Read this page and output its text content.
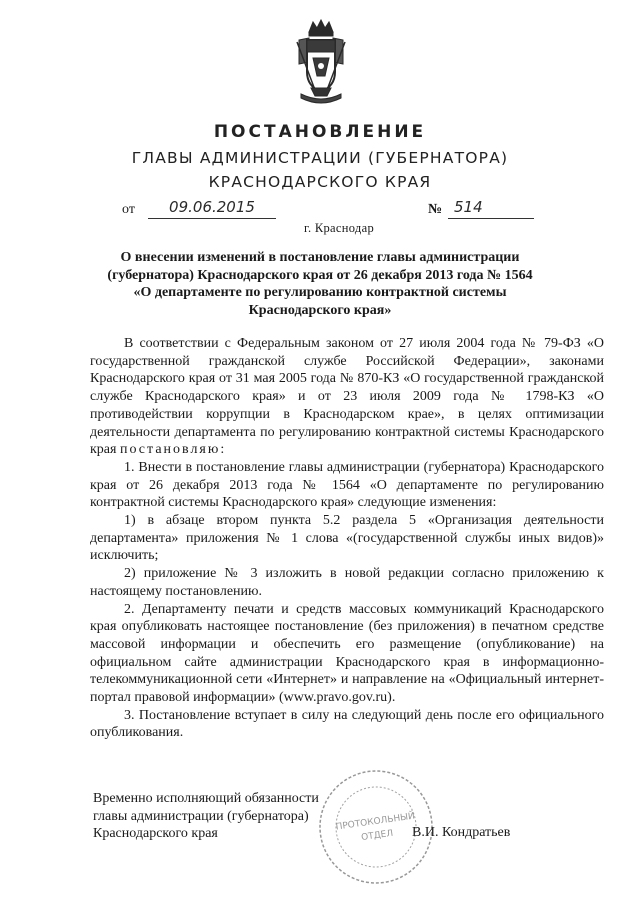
ПОСТАНОВЛЕНИЕ
ГЛАВЫ АДМИНИСТРАЦИИ (ГУБЕРНАТОРА)
КРАСНОДАРСКОГО КРАЯ
от	09.06.2015	№ 514
г. Краснодар
О внесении изменений в постановление главы администрации
(губернатора) Краснодарского края от 26 декабря 2013 года № 1564
«О департаменте по регулированию контрактной системы
Краснодарского края»

В соответствии с Федеральным законом от 27 июля 2004 года № 79-ФЗ «О государственной гражданской службе Российской Федерации», законами Краснодарского края от 31 мая 2005 года № 870-КЗ «О государственной гражданской службе Краснодарского края» и от 23 июля 2009 года № 1798-КЗ «О противодействии коррупции в Краснодарском крае», в целях оптимизации деятельности департамента по регулированию контрактной системы Краснодарского края постановляю:

1. Внести в постановление главы администрации (губернатора) Краснодарского края от 26 декабря 2013 года № 1564 «О департаменте по регулированию контрактной системы Краснодарского края» следующие изменения:

1) в абзаце втором пункта 5.2 раздела 5 «Организация деятельности департамента» приложения № 1 слова «(государственной службы иных видов)» исключить;

2) приложение № 3 изложить в новой редакции согласно приложению к настоящему постановлению.

2. Департаменту печати и средств массовых коммуникаций Краснодарского края опубликовать настоящее постановление (без приложения) в печатном средстве массовой информации и обеспечить его размещение (опубликование) на официальном сайте администрации Краснодарского края в информационно-телекоммуникационной сети «Интернет» и направление на «Официальный интернет-портал правовой информации» (www.pravo.gov.ru).

3. Постановление вступает в силу на следующий день после его официального опубликования.

Временно исполняющий обязанности
главы администрации (губернатора)
Краснодарского края	В.И. Кондратьев
ПРОТОКОЛЬНЫЙ
ОТДЕЛ
